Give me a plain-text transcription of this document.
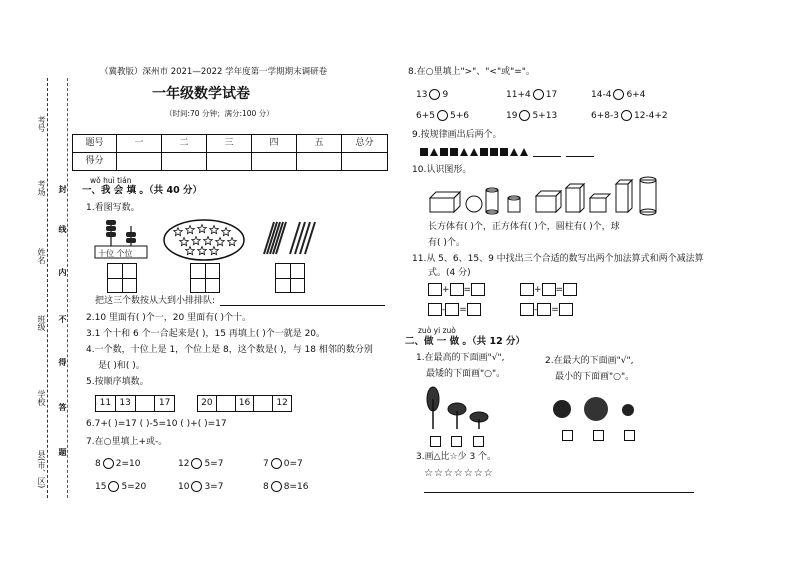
考号
考场 封
线
姓名
内
班级 不
得
学校
答
县(市、区) 题
（冀教版）深州市 2021—2022 学年度第一学期期末调研卷
一年级数学试卷
（时间:70 分钟；满分:100 分）
题号	一	二	三	四	五	总分
得分
wǒ huì tián
一、我 会 填 。（共 40 分）
1.看图写数。
十位 个位
把这三个数按从大到小排排队:
2.10 里面有( )个一，20 里面有( )个十。
3.1 个十和 6 个一合起来是( )，15 再填上( )个一就是 20。
4.一个数，十位上是 1，个位上是 8，这个数是( )，与 18 相邻的数分别
是( )和( )。
5.按顺序填数。
11 13	17	20	16	12
6.7+( )=17 ( )-5=10 ( )+( )=17
7.在○里填上+或-。
8 2=10	12 5=7	7 0=7
15 5=20	10 3=7	8 8=16
8.在○里填上">"、"<"或"="。
13 9	11+4 17	14-4 6+4
6+5 5+6	19 5+13	6+8-3 12-4+2
9.按规律画出后两个。
10.认识图形。
长方体有( )个，正方体有( )个，圆柱有( )个，球
有( )个。
11.从 5、6、15、9 中找出三个合适的数写出两个加法算式和两个减法算
式。(4 分)
+ =	+ =
- =	- =
zuò yi zuò
二、做 一 做 。（共 12 分）
1.在最高的下面画"√",
最矮的下面画"○"。
2.在最大的下面画"√",
最小的下面画"○"。
3.画△比☆少 3 个。
☆☆☆☆☆☆☆
